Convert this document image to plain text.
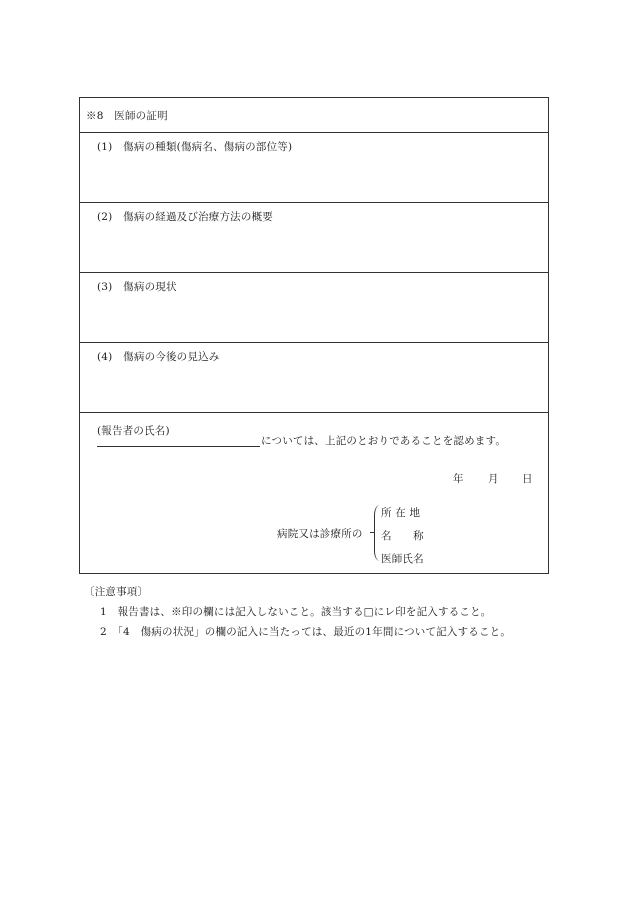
※8　医師の証明
(1)　傷病の種類(傷病名、傷病の部位等)
(2)　傷病の経過及び治療方法の概要
(3)　傷病の現状
(4)　傷病の今後の見込み
(報告者の氏名)
については、上記のとおりであることを認めます。
年 月 日
病院又は診療所の
所 在 地
名　　称
医師氏名
〔注意事項〕
1　報告書は、※印の欄には記入しないこと。該当する□にレ印を記入すること。
2　「4　傷病の状況」の欄の記入に当たっては、最近の1年間について記入すること。
